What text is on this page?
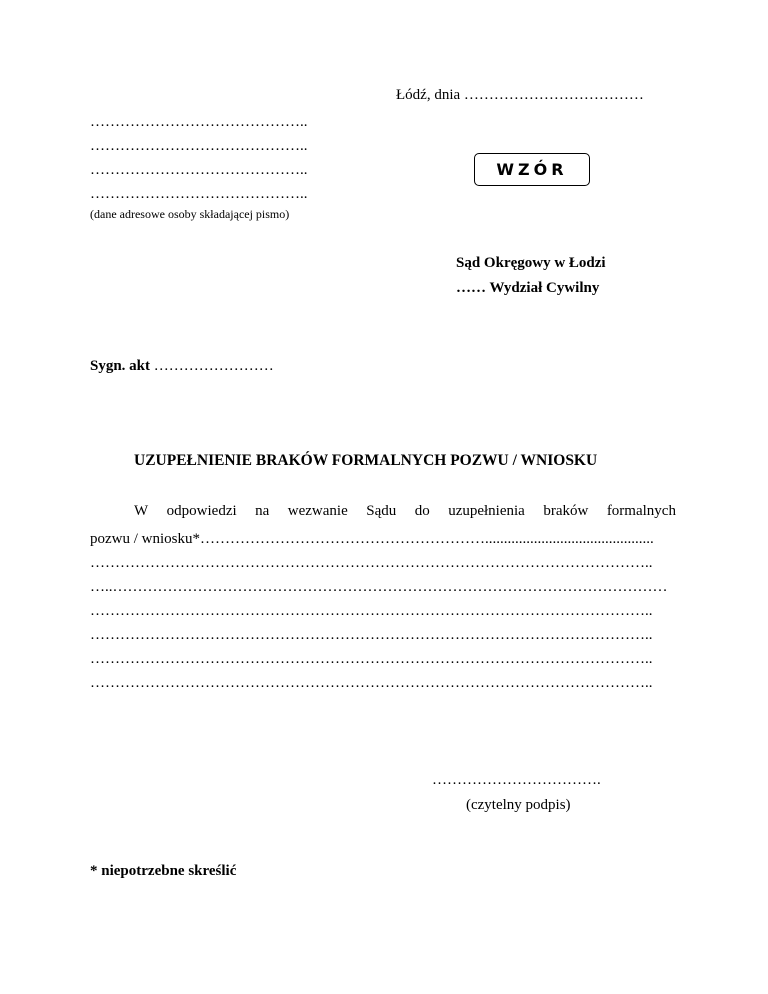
Łódź, dnia ………………………………
……………………………………..
……………………………………..
……………………………………..
……………………………………..
(dane adresowe osoby składającej pismo)
WZÓR
Sąd Okręgowy w Łodzi
…… Wydział Cywilny
Sygn. akt ……………………
UZUPEŁNIENIE BRAKÓW FORMALNYCH POZWU / WNIOSKU
W odpowiedzi na wezwanie Sądu do uzupełnienia braków formalnych
pozwu / wniosku*………………………………………………….............................................
…………………………………………………………………………………………………..
…..…………………………………………………………………………………………………
…………………………………………………………………………………………………..
…………………………………………………………………………………………………..
…………………………………………………………………………………………………..
…………………………………………………………………………………………………..
…………………………….
(czytelny podpis)
* niepotrzebne skreślić
